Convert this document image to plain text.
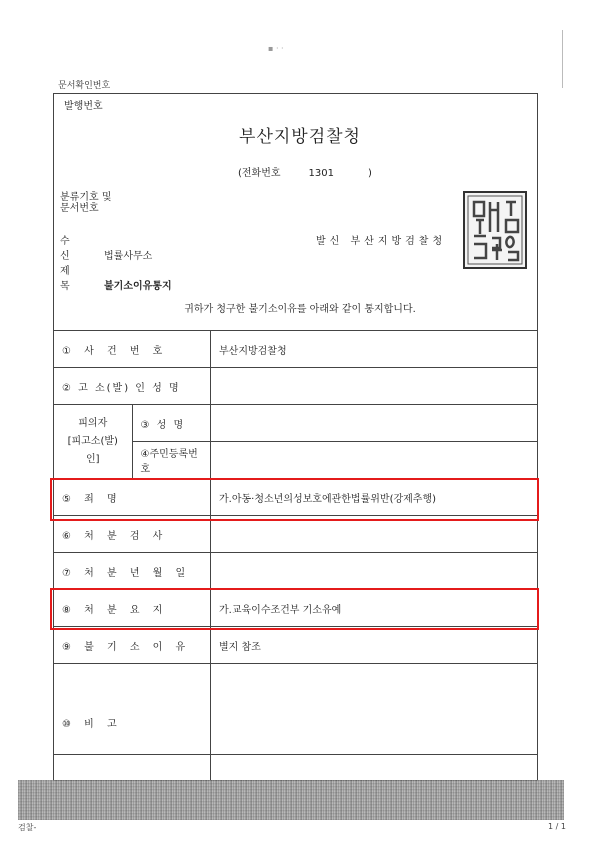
▪ · ·
문서확인번호
발행번호
부산지방검찰청
(전화번호	1301	)
분류기호 및
문서번호
수 신	법률사무소
발신 부산지방검찰청
제 목	불기소이유통지
귀하가 청구한 불기소이유를 아래와 같이 통지합니다.
① 사 건 번 호		부산지방검찰청
② 고 소(발) 인 성 명		

피의자
[피고소(발)인]	③ 성 명	
	④주민등록번호	
⑤ 죄 명		가.아동·청소년의성보호에관한법률위반(강제추행)
⑥ 처 분 검 사		
⑦ 처 분 년 월 일		
⑧ 처 분 요 지		가.교육이수조건부 기소유예
⑨ 불 기 소 이 유		별지 참조
⑩ 비 고		
검찰-	1 / 1
